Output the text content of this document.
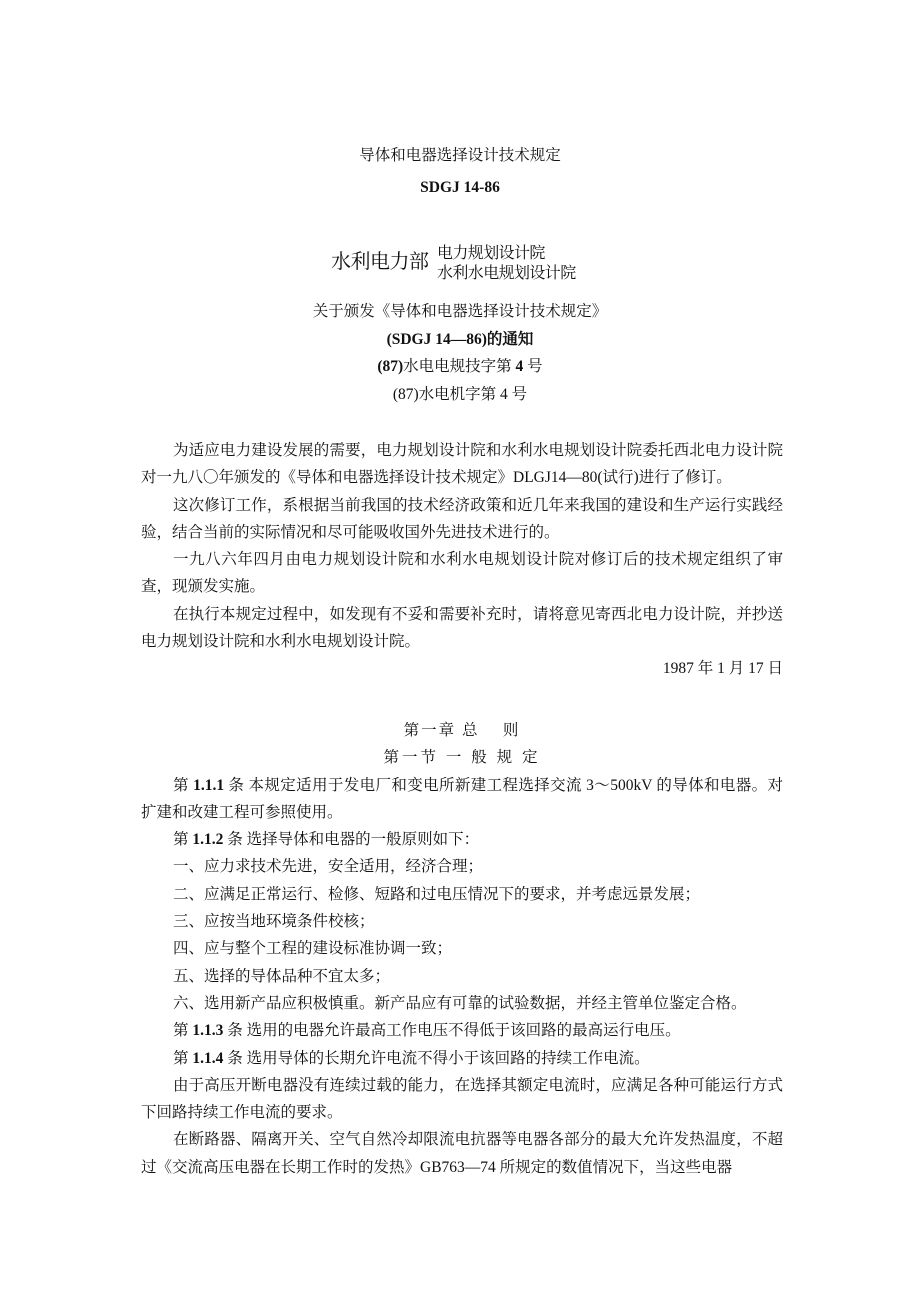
导体和电器选择设计技术规定
SDGJ 14-86
水利电力部 电力规划设计院
水利水电规划设计院
关于颁发《导体和电器选择设计技术规定》
(SDGJ 14—86)的通知
(87)水电电规技字第 4 号
(87)水电机字第 4 号

为适应电力建设发展的需要，电力规划设计院和水利水电规划设计院委托西北电力设计院对一九八〇年颁发的《导体和电器选择设计技术规定》DLGJ14—80(试行)进行了修订。

这次修订工作，系根据当前我国的技术经济政策和近几年来我国的建设和生产运行实践经验，结合当前的实际情况和尽可能吸收国外先进技术进行的。

一九八六年四月由电力规划设计院和水利水电规划设计院对修订后的技术规定组织了审查，现颁发实施。

在执行本规定过程中，如发现有不妥和需要补充时，请将意见寄西北电力设计院，并抄送电力规划设计院和水利水电规划设计院。

1987 年 1 月 17 日

第一章 总　 则

第一节 一 般 规 定

第 1.1.1 条 本规定适用于发电厂和变电所新建工程选择交流 3～500kV 的导体和电器。对扩建和改建工程可参照使用。

第 1.1.2 条 选择导体和电器的一般原则如下：

一、应力求技术先进，安全适用，经济合理；

二、应满足正常运行、检修、短路和过电压情况下的要求，并考虑远景发展；

三、应按当地环境条件校核；

四、应与整个工程的建设标准协调一致；

五、选择的导体品种不宜太多；

六、选用新产品应积极慎重。新产品应有可靠的试验数据，并经主管单位鉴定合格。

第 1.1.3 条 选用的电器允许最高工作电压不得低于该回路的最高运行电压。

第 1.1.4 条 选用导体的长期允许电流不得小于该回路的持续工作电流。

由于高压开断电器没有连续过载的能力，在选择其额定电流时，应满足各种可能运行方式下回路持续工作电流的要求。

在断路器、隔离开关、空气自然冷却限流电抗器等电器各部分的最大允许发热温度，不超过《交流高压电器在长期工作时的发热》GB763—74 所规定的数值情况下，当这些电器
